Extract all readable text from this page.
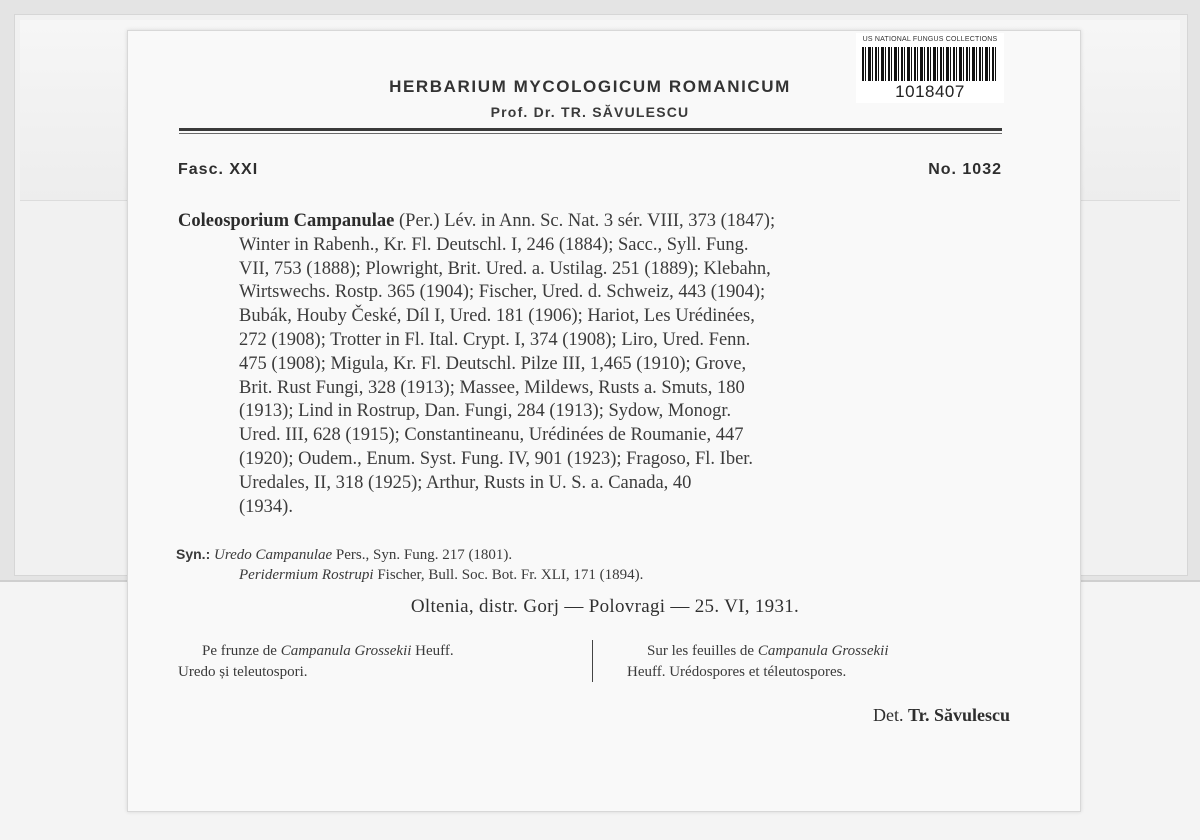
US NATIONAL FUNGUS COLLECTIONS
1018407
HERBARIUM MYCOLOGICUM ROMANICUM
Prof. Dr. TR. SĂVULESCU
Fasc. XXI	No. 1032
Coleosporium Campanulae (Per.) Lév. in Ann. Sc. Nat. 3 sér. VIII, 373 (1847);
Winter in Rabenh., Kr. Fl. Deutschl. I, 246 (1884); Sacc., Syll. Fung.
VII, 753 (1888); Plowright, Brit. Ured. a. Ustilag. 251 (1889); Klebahn,
Wirtswechs. Rostp. 365 (1904); Fischer, Ured. d. Schweiz, 443 (1904);
Bubák, Houby České, Díl I, Ured. 181 (1906); Hariot, Les Urédinées,
272 (1908); Trotter in Fl. Ital. Crypt. I, 374 (1908); Liro, Ured. Fenn.
475 (1908); Migula, Kr. Fl. Deutschl. Pilze III, 1,465 (1910); Grove,
Brit. Rust Fungi, 328 (1913); Massee, Mildews, Rusts a. Smuts, 180
(1913); Lind in Rostrup, Dan. Fungi, 284 (1913); Sydow, Monogr.
Ured. III, 628 (1915); Constantineanu, Urédinées de Roumanie, 447
(1920); Oudem., Enum. Syst. Fung. IV, 901 (1923); Fragoso, Fl. Iber.
Uredales, II, 318 (1925); Arthur, Rusts in U. S. a. Canada, 40
(1934).
Syn.: Uredo Campanulae Pers., Syn. Fung. 217 (1801).
Peridermium Rostrupi Fischer, Bull. Soc. Bot. Fr. XLI, 171 (1894).
Oltenia, distr. Gorj — Polovragi — 25. VI, 1931.
Pe frunze de Campanula Grossekii Heuff.
Uredo și teleutospori.
Sur les feuilles de Campanula Grossekii
Heuff. Urédospores et téleutospores.
Det. Tr. Săvulescu
